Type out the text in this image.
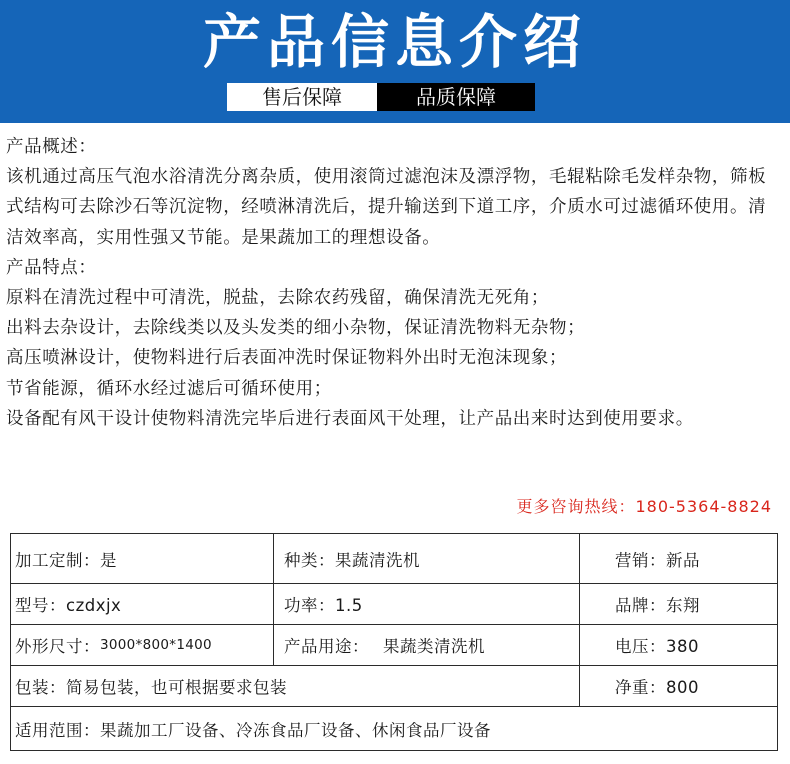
产品信息介绍
售后保障	品质保障

产品概述：

该机通过高压气泡水浴清洗分离杂质，使用滚筒过滤泡沫及漂浮物，毛辊粘除毛发样杂物，筛板式结构可去除沙石等沉淀物，经喷淋清洗后，提升输送到下道工序，介质水可过滤循环使用。清洁效率高，实用性强又节能。是果蔬加工的理想设备。

产品特点：

原料在清洗过程中可清洗，脱盐，去除农药残留，确保清洗无死角；

出料去杂设计，去除线类以及头发类的细小杂物，保证清洗物料无杂物；

高压喷淋设计，使物料进行后表面冲洗时保证物料外出时无泡沫现象；

节省能源，循环水经过滤后可循环使用；

设备配有风干设计使物料清洗完毕后进行表面风干处理，让产品出来时达到使用要求。

更多咨询热线：180-5364-8824
加工定制：是	种类：果蔬清洗机	营销：新品
型号：czdxjx	功率：1.5	品牌：东翔
外形尺寸： 3000*800*1400	产品用途： 果蔬类清洗机	电压：380
包装：简易包装，也可根据要求包装	净重：800
适用范围：果蔬加工厂设备、冷冻食品厂设备、休闲食品厂设备
